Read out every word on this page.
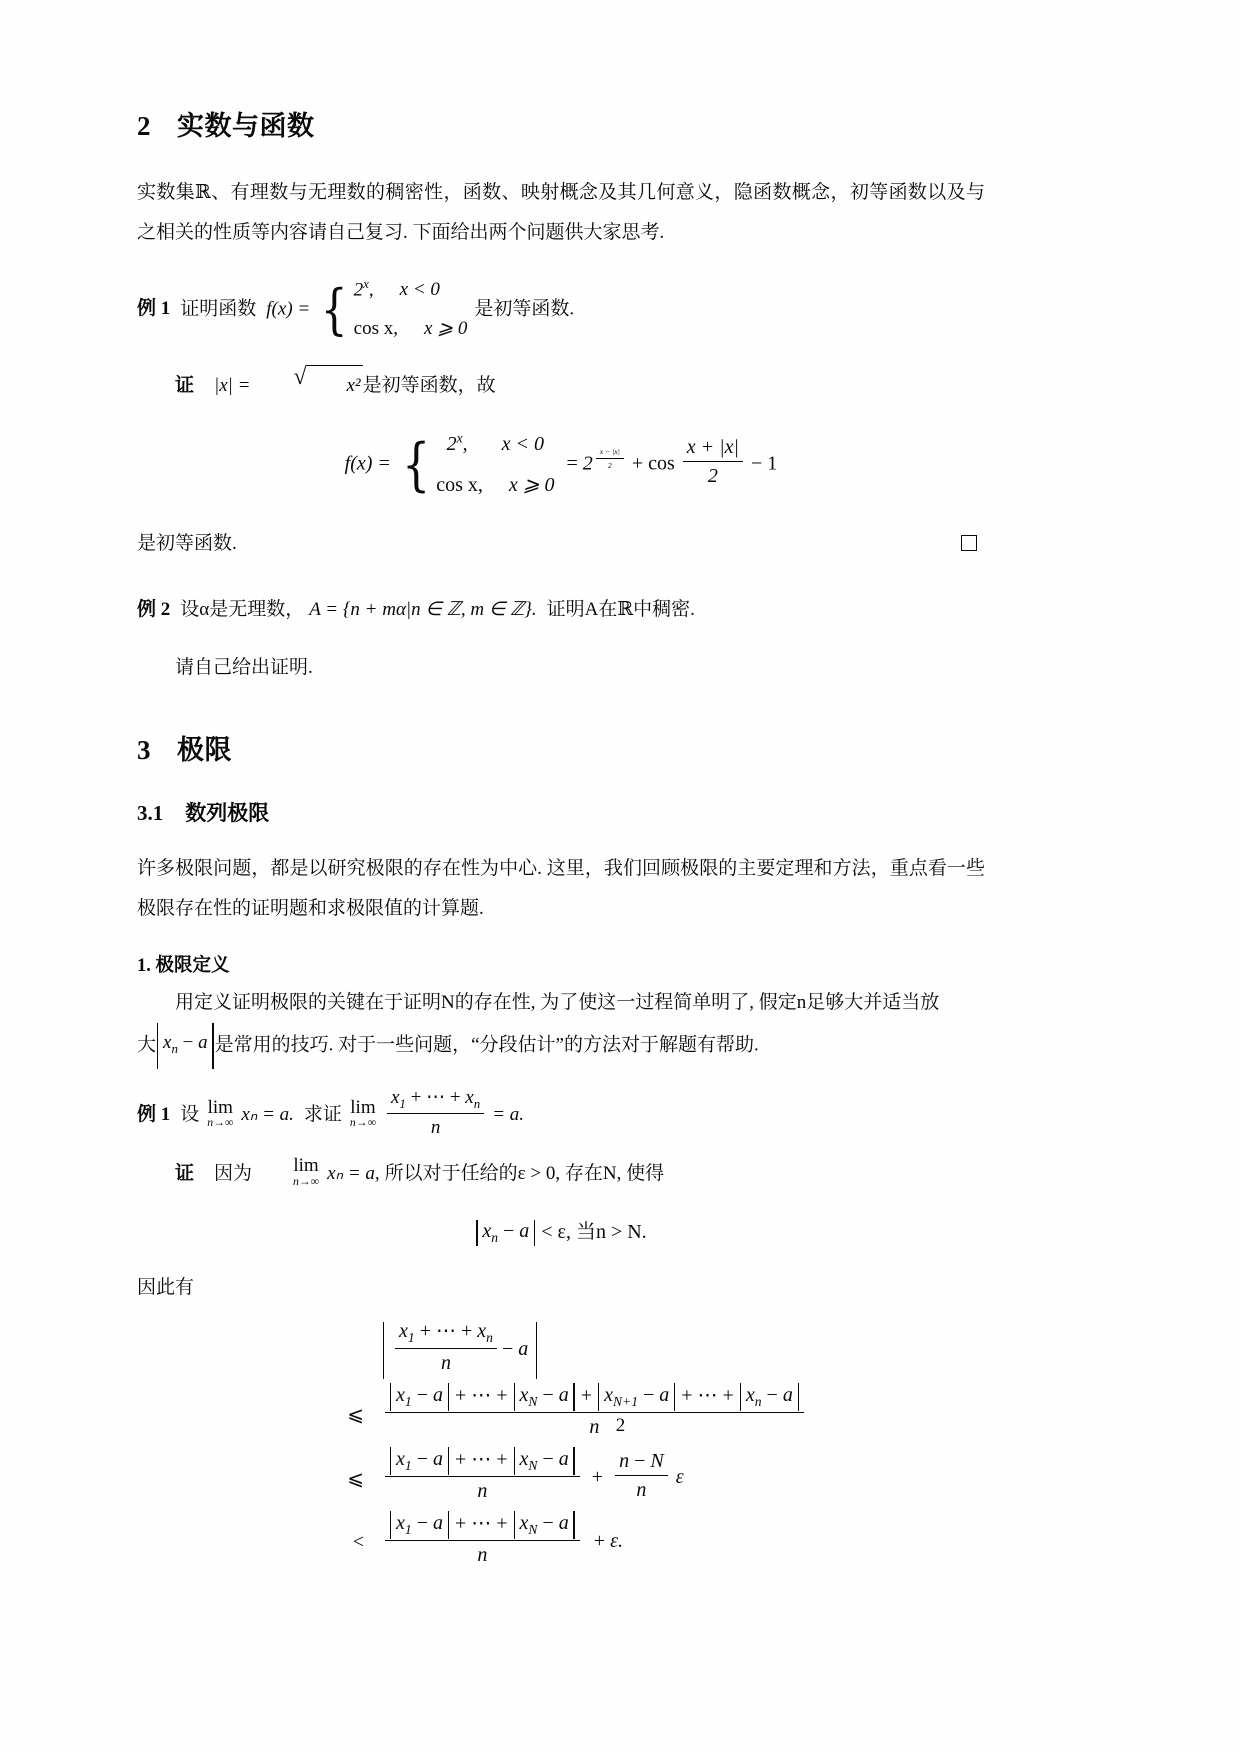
2 实数与函数

实数集ℝ、有理数与无理数的稠密性，函数、映射概念及其几何意义，隐函数概念，初等函数以及与之相关的性质等内容请自己复习. 下面给出两个问题供大家思考.

例 1 证明函数 f(x) = { 2$^x$, x < 0
cos x, x ⩾ 0
是初等函数.
证 |x| =	√ x² 是初等函数，故
f(x) = { 2$^x$, x < 0
cos x, x ⩾ 0
= 2 $^{\frac{x - |x|}{2}} + \cos \frac{x + |x|}{2} - 1$
是初等函数.
例 2 设α是无理数， A = {n + mα|n ∈ ℤ, m ∈ ℤ}. 证明A在ℝ中稠密.

请自己给出证明.

3 极限
3.1 数列极限

许多极限问题，都是以研究极限的存在性为中心. 这里，我们回顾极限的主要定理和方法，重点看一些极限存在性的证明题和求极限值的计算题.

1. 极限定义

用定义证明极限的关键在于证明N的存在性, 为了使这一过程简单明了, 假定n足够大并适当放

大 $x_n - a$ 是常用的技巧. 对于一些问题，“分段估计”的方法对于解题有帮助.

例 1 设 lim
n→∞ xₙ = a. 求证 lim
$n\to\infty \frac{x_1 + \cdots + x_n}{n} = a$.
证 因为	lim
n→∞ xₙ = a, 所以对于任给的ε > 0, 存在N, 使得
$x_n - a < \varepsilon$, 当n > N.

因此有

$\frac{x_1 + \cdots + x_n}{n} - a$
⩽	$\frac{x_1 - a + \cdots + x_N - a + x_{N+1} - a + \cdots + x_n - a}{n}$
⩽	$\frac{x_1 - a + \cdots + x_N - a}{n} + \frac{n - N}{n}$ ε
<	$\frac{x_1 - a + \cdots + x_N - a}{n} + \varepsilon$.
2
